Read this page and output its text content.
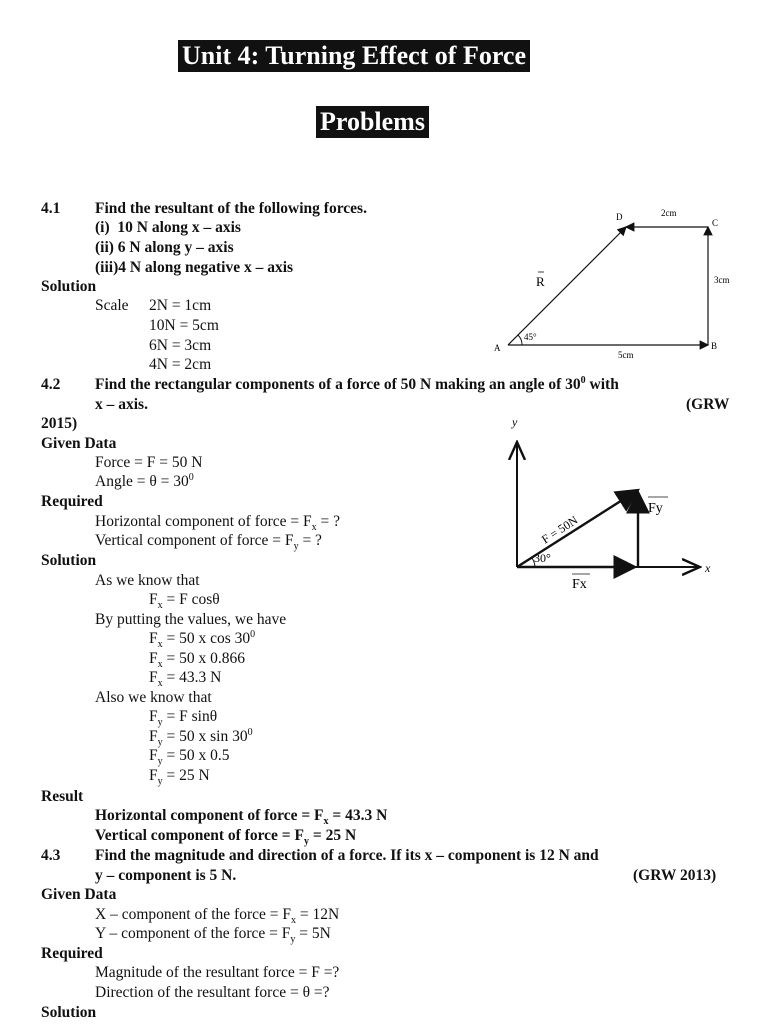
Unit 4: Turning Effect of Force
Problems
4.1 Find the resultant of the following forces.
(i)  10 N along x – axis
(ii) 6 N along y – axis
(iii)4 N along negative x – axis
Solution
Scale 2N = 1cm
10N = 5cm
6N = 3cm
4N = 2cm
A	B
C
D	2cm
3cm
5cm
45°
R
4.2 Find the rectangular components of a force of 50 N making an angle of $30^0$ with
x – axis.	(GRW
2015)
Given Data
Force = F = 50 N
Angle = $\theta = 30^0$
Required
Horizontal component of force = $F_x$ = ?
Vertical component of force = $F_y$ = ?
Solution
As we know that
$F_x = F$ cosθ
By putting the values, we have
$F_x = 50$ x $\cos 30^0$
$F_x = 50$ x 0.866
$F_x = 43.3$ N
Also we know that
$F_y = F$ sinθ
$F_y = 50$ x $\sin 30^0$
$F_y = 50$ x 0.5
$F_y = 25$ N
Result
Horizontal component of force = $F_x = 43.3$ N
Vertical component of force = $F_y = 25$ N
y
x
F = 50N
30°
Fx
Fy
4.3 Find the magnitude and direction of a force. If its x – component is 12 N and
y – component is 5 N.	(GRW 2013)
Given Data
X – component of the force = $F_x = 12N$
Y – component of the force = $F_y = 5N$
Required
Magnitude of the resultant force = F =?
Direction of the resultant force = θ =?
Solution
